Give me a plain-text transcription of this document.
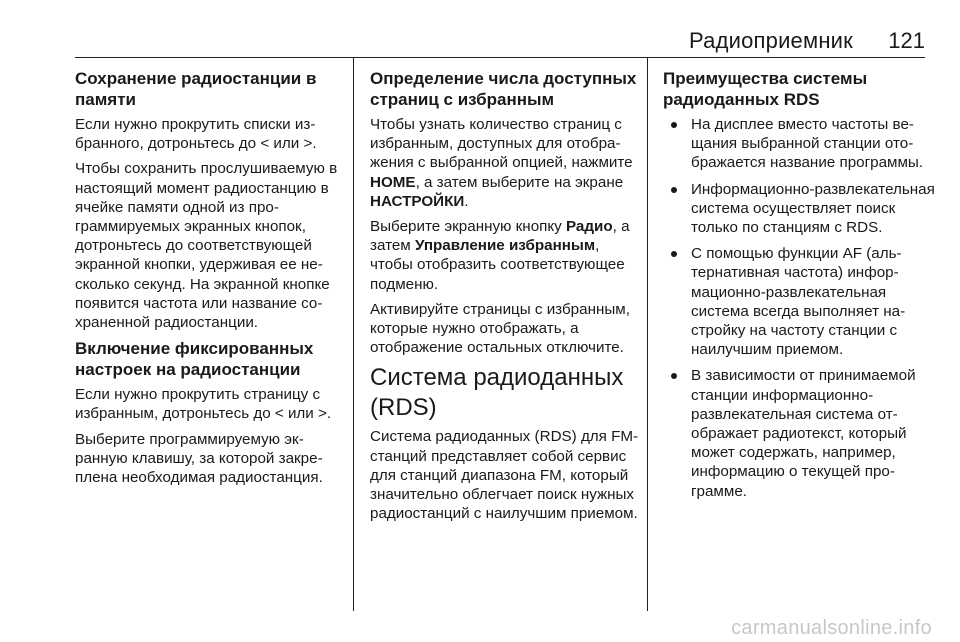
Радиоприемник 121
Сохранение радиостанции в памяти

Если нужно прокрутить списки избранного, дотроньтесь до < или >.

Чтобы сохранить прослушиваемую в настоящий момент радиостанцию в ячейке памяти одной из программируемых экранных кнопок, дотроньтесь до соответствующей экранной кнопки, удерживая ее несколько секунд. На экранной кнопке появится частота или название сохраненной радиостанции.

Включение фиксированных настроек на радиостанции

Если нужно прокрутить страницу с избранным, дотроньтесь до < или >.

Выберите программируемую экранную клавишу, за которой закреплена необходимая радиостанция.

Определение числа доступных страниц с избранным

Чтобы узнать количество страниц с избранным, доступных для отображения с выбранной опцией, нажмите HOME, а затем выберите на экране НАСТРОЙКИ.

Выберите экранную кнопку Радио, а затем Управление избранным, чтобы отобразить соответствующее подменю.

Активируйте страницы с избранным, которые нужно отображать, а отображение остальных отключите.

Система радиоданных (RDS)

Система радиоданных (RDS) для FM-станций представляет собой сервис для станций диапазона FM, который значительно облегчает поиск нужных радиостанций с наилучшим приемом.

Преимущества системы радиоданных RDS
На дисплее вместо частоты вещания выбранной станции отображается название программы.
Информационно-развлекательная система осуществляет поиск только по станциям с RDS.
С помощью функции AF (альтернативная частота) информационно-развлекательная система всегда выполняет настройку на частоту станции с наилучшим приемом.
В зависимости от принимаемой станции информационно-развлекательная система отображает радиотекст, который может содержать, например, информацию о текущей программе.
carmanualsonline.info
